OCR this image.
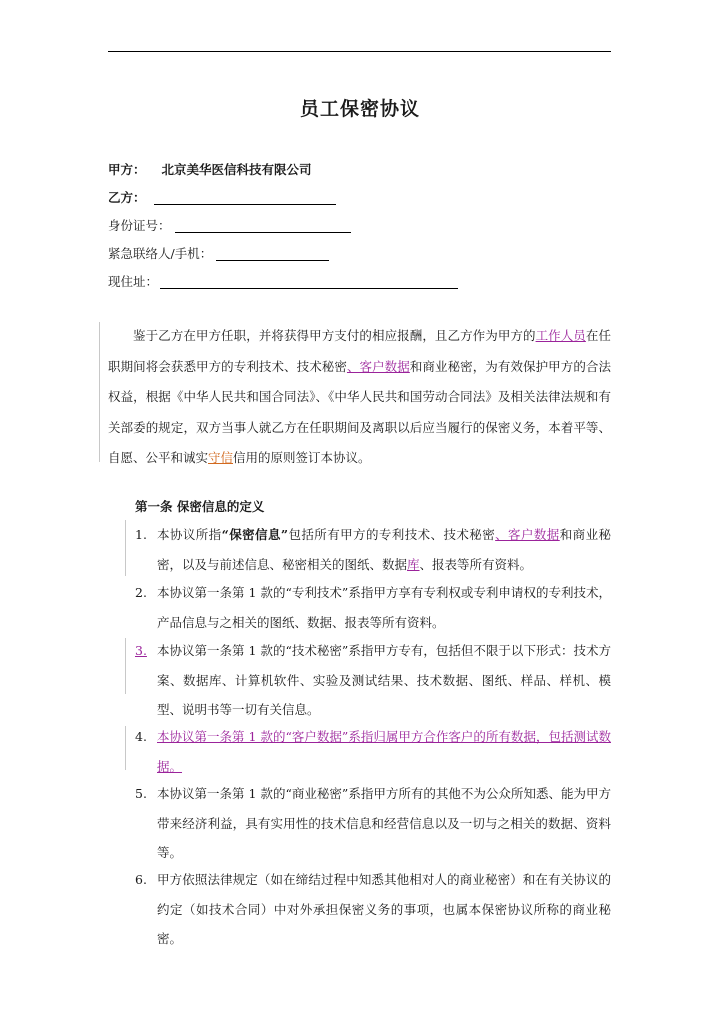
员工保密协议
甲方： 北京美华医信科技有限公司
乙方：
身份证号：
紧急联络人/手机：
现住址：
鉴于乙方在甲方任职，并将获得甲方支付的相应报酬，且乙方作为甲方的工作人员在任职期间将会获悉甲方的专利技术、技术秘密、客户数据和商业秘密，为有效保护甲方的合法权益，根据《中华人民共和国合同法》、《中华人民共和国劳动合同法》及相关法律法规和有关部委的规定，双方当事人就乙方在任职期间及离职以后应当履行的保密义务，本着平等、自愿、公平和诚实守信信用的原则签订本协议。
第一条 保密信息的定义
1. 本协议所指“保密信息”包括所有甲方的专利技术、技术秘密、客户数据和商业秘密，以及与前述信息、秘密相关的图纸、数据库、报表等所有资料。
2. 本协议第一条第 1 款的“专利技术”系指甲方享有专利权或专利申请权的专利技术，产品信息与之相关的图纸、数据、报表等所有资料。
3. 本协议第一条第 1 款的“技术秘密”系指甲方专有，包括但不限于以下形式：技术方案、数据库、计算机软件、实验及测试结果、技术数据、图纸、样品、样机、模型、说明书等一切有关信息。
4. 本协议第一条第 1 款的“客户数据”系指归属甲方合作客户的所有数据，包括测试数据。
5. 本协议第一条第 1 款的“商业秘密”系指甲方所有的其他不为公众所知悉、能为甲方带来经济利益，具有实用性的技术信息和经营信息以及一切与之相关的数据、资料等。
6. 甲方依照法律规定（如在缔结过程中知悉其他相对人的商业秘密）和在有关协议的约定（如技术合同）中对外承担保密义务的事项，也属本保密协议所称的商业秘密。
